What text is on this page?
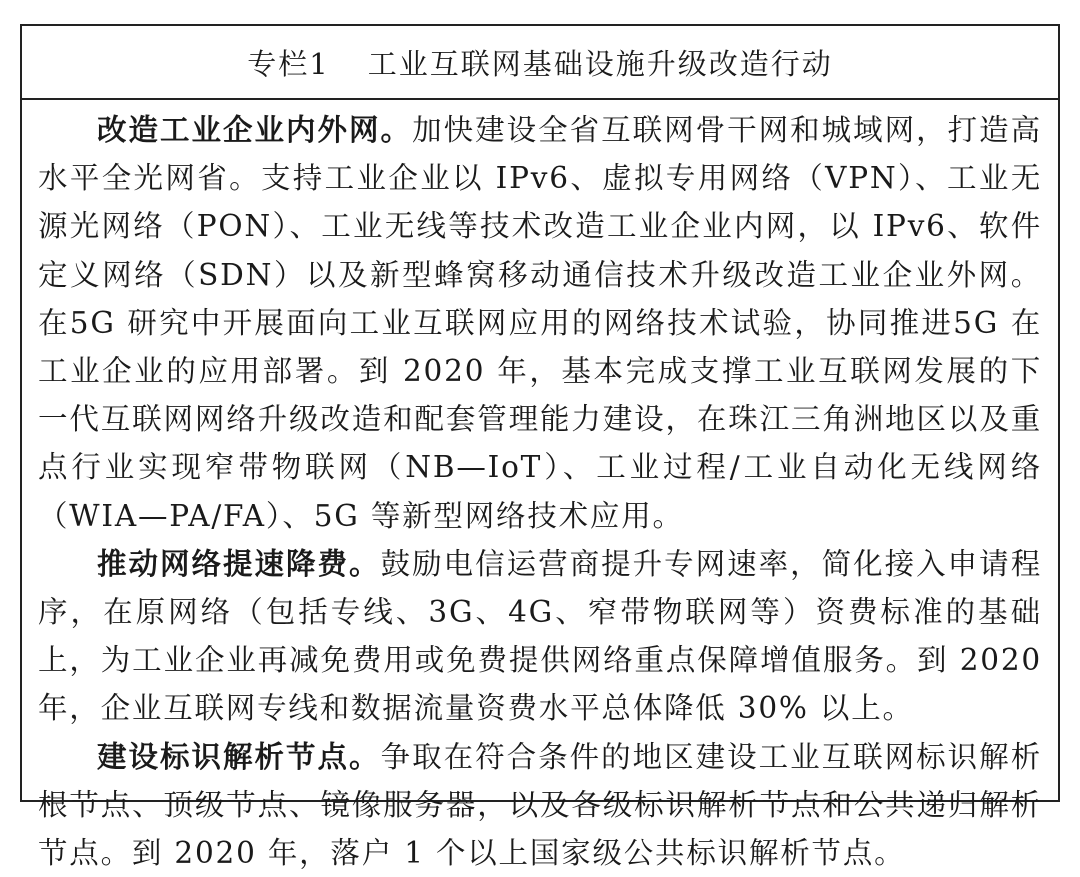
专栏1 工业互联网基础设施升级改造行动

改造工业企业内外网。加快建设全省互联网骨干网和城域网，打造高水平全光网省。支持工业企业以 IPv6、虚拟专用网络（VPN）、工业无源光网络（PON）、工业无线等技术改造工业企业内网，以 IPv6、软件定义网络（SDN）以及新型蜂窝移动通信技术升级改造工业企业外网。在5G 研究中开展面向工业互联网应用的网络技术试验，协同推进5G 在工业企业的应用部署。到 2020 年，基本完成支撑工业互联网发展的下一代互联网网络升级改造和配套管理能力建设，在珠江三角洲地区以及重点行业实现窄带物联网（NB—IoT）、工业过程/工业自动化无线网络（WIA—PA/FA）、5G 等新型网络技术应用。

推动网络提速降费。鼓励电信运营商提升专网速率，简化接入申请程序，在原网络（包括专线、3G、4G、窄带物联网等）资费标准的基础上，为工业企业再减免费用或免费提供网络重点保障增值服务。到 2020 年，企业互联网专线和数据流量资费水平总体降低 30% 以上。

建设标识解析节点。争取在符合条件的地区建设工业互联网标识解析根节点、顶级节点、镜像服务器，以及各级标识解析节点和公共递归解析节点。到 2020 年，落户 1 个以上国家级公共标识解析节点。
